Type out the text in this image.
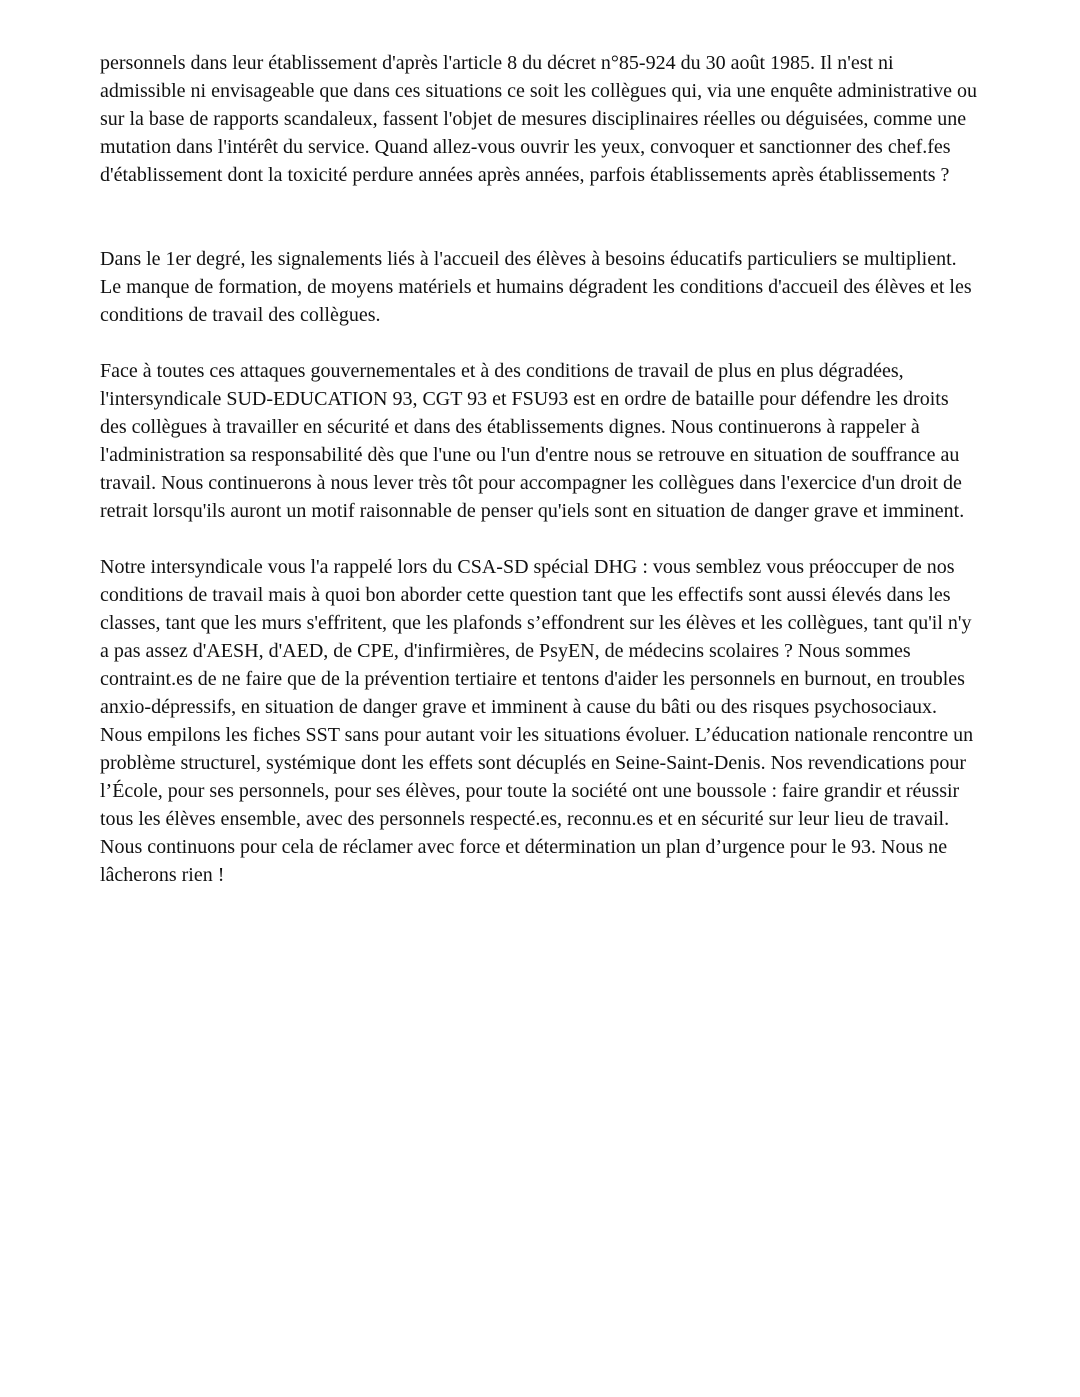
personnels dans leur établissement d'après l'article 8 du décret n°85-924 du 30 août 1985. Il n'est ni
admissible ni envisageable que dans ces situations ce soit les collègues qui, via une enquête administrative ou
sur la base de rapports scandaleux, fassent l'objet de mesures disciplinaires réelles ou déguisées, comme une
mutation dans l'intérêt du service. Quand allez-vous ouvrir les yeux, convoquer et sanctionner des chef.fes
d'établissement dont la toxicité perdure années après années, parfois établissements après établissements ?

Dans le 1er degré, les signalements liés à l'accueil des élèves à besoins éducatifs particuliers se multiplient.
Le manque de formation, de moyens matériels et humains dégradent les conditions d'accueil des élèves et les
conditions de travail des collègues.

Face à toutes ces attaques gouvernementales et à des conditions de travail de plus en plus dégradées,
l'intersyndicale SUD-EDUCATION 93, CGT 93 et FSU93 est en ordre de bataille pour défendre les droits
des collègues à travailler en sécurité et dans des établissements dignes. Nous continuerons à rappeler à
l'administration sa responsabilité dès que l'une ou l'un d'entre nous se retrouve en situation de souffrance au
travail. Nous continuerons à nous lever très tôt pour accompagner les collègues dans l'exercice d'un droit de
retrait lorsqu'ils auront un motif raisonnable de penser qu'iels sont en situation de danger grave et imminent.

Notre intersyndicale vous l'a rappelé lors du CSA-SD spécial DHG : vous semblez vous préoccuper de nos
conditions de travail mais à quoi bon aborder cette question tant que les effectifs sont aussi élevés dans les
classes, tant que les murs s'effritent, que les plafonds s’effondrent sur les élèves et les collègues, tant qu'il n'y
a pas assez d'AESH, d'AED, de CPE, d'infirmières, de PsyEN, de médecins scolaires ? Nous sommes
contraint.es de ne faire que de la prévention tertiaire et tentons d'aider les personnels en burnout, en troubles
anxio-dépressifs, en situation de danger grave et imminent à cause du bâti ou des risques psychosociaux.
Nous empilons les fiches SST sans pour autant voir les situations évoluer. L’éducation nationale rencontre un
problème structurel, systémique dont les effets sont décuplés en Seine-Saint-Denis. Nos revendications pour
l’École, pour ses personnels, pour ses élèves, pour toute la société ont une boussole : faire grandir et réussir
tous les élèves ensemble, avec des personnels respecté.es, reconnu.es et en sécurité sur leur lieu de travail.
Nous continuons pour cela de réclamer avec force et détermination un plan d’urgence pour le 93. Nous ne
lâcherons rien !
